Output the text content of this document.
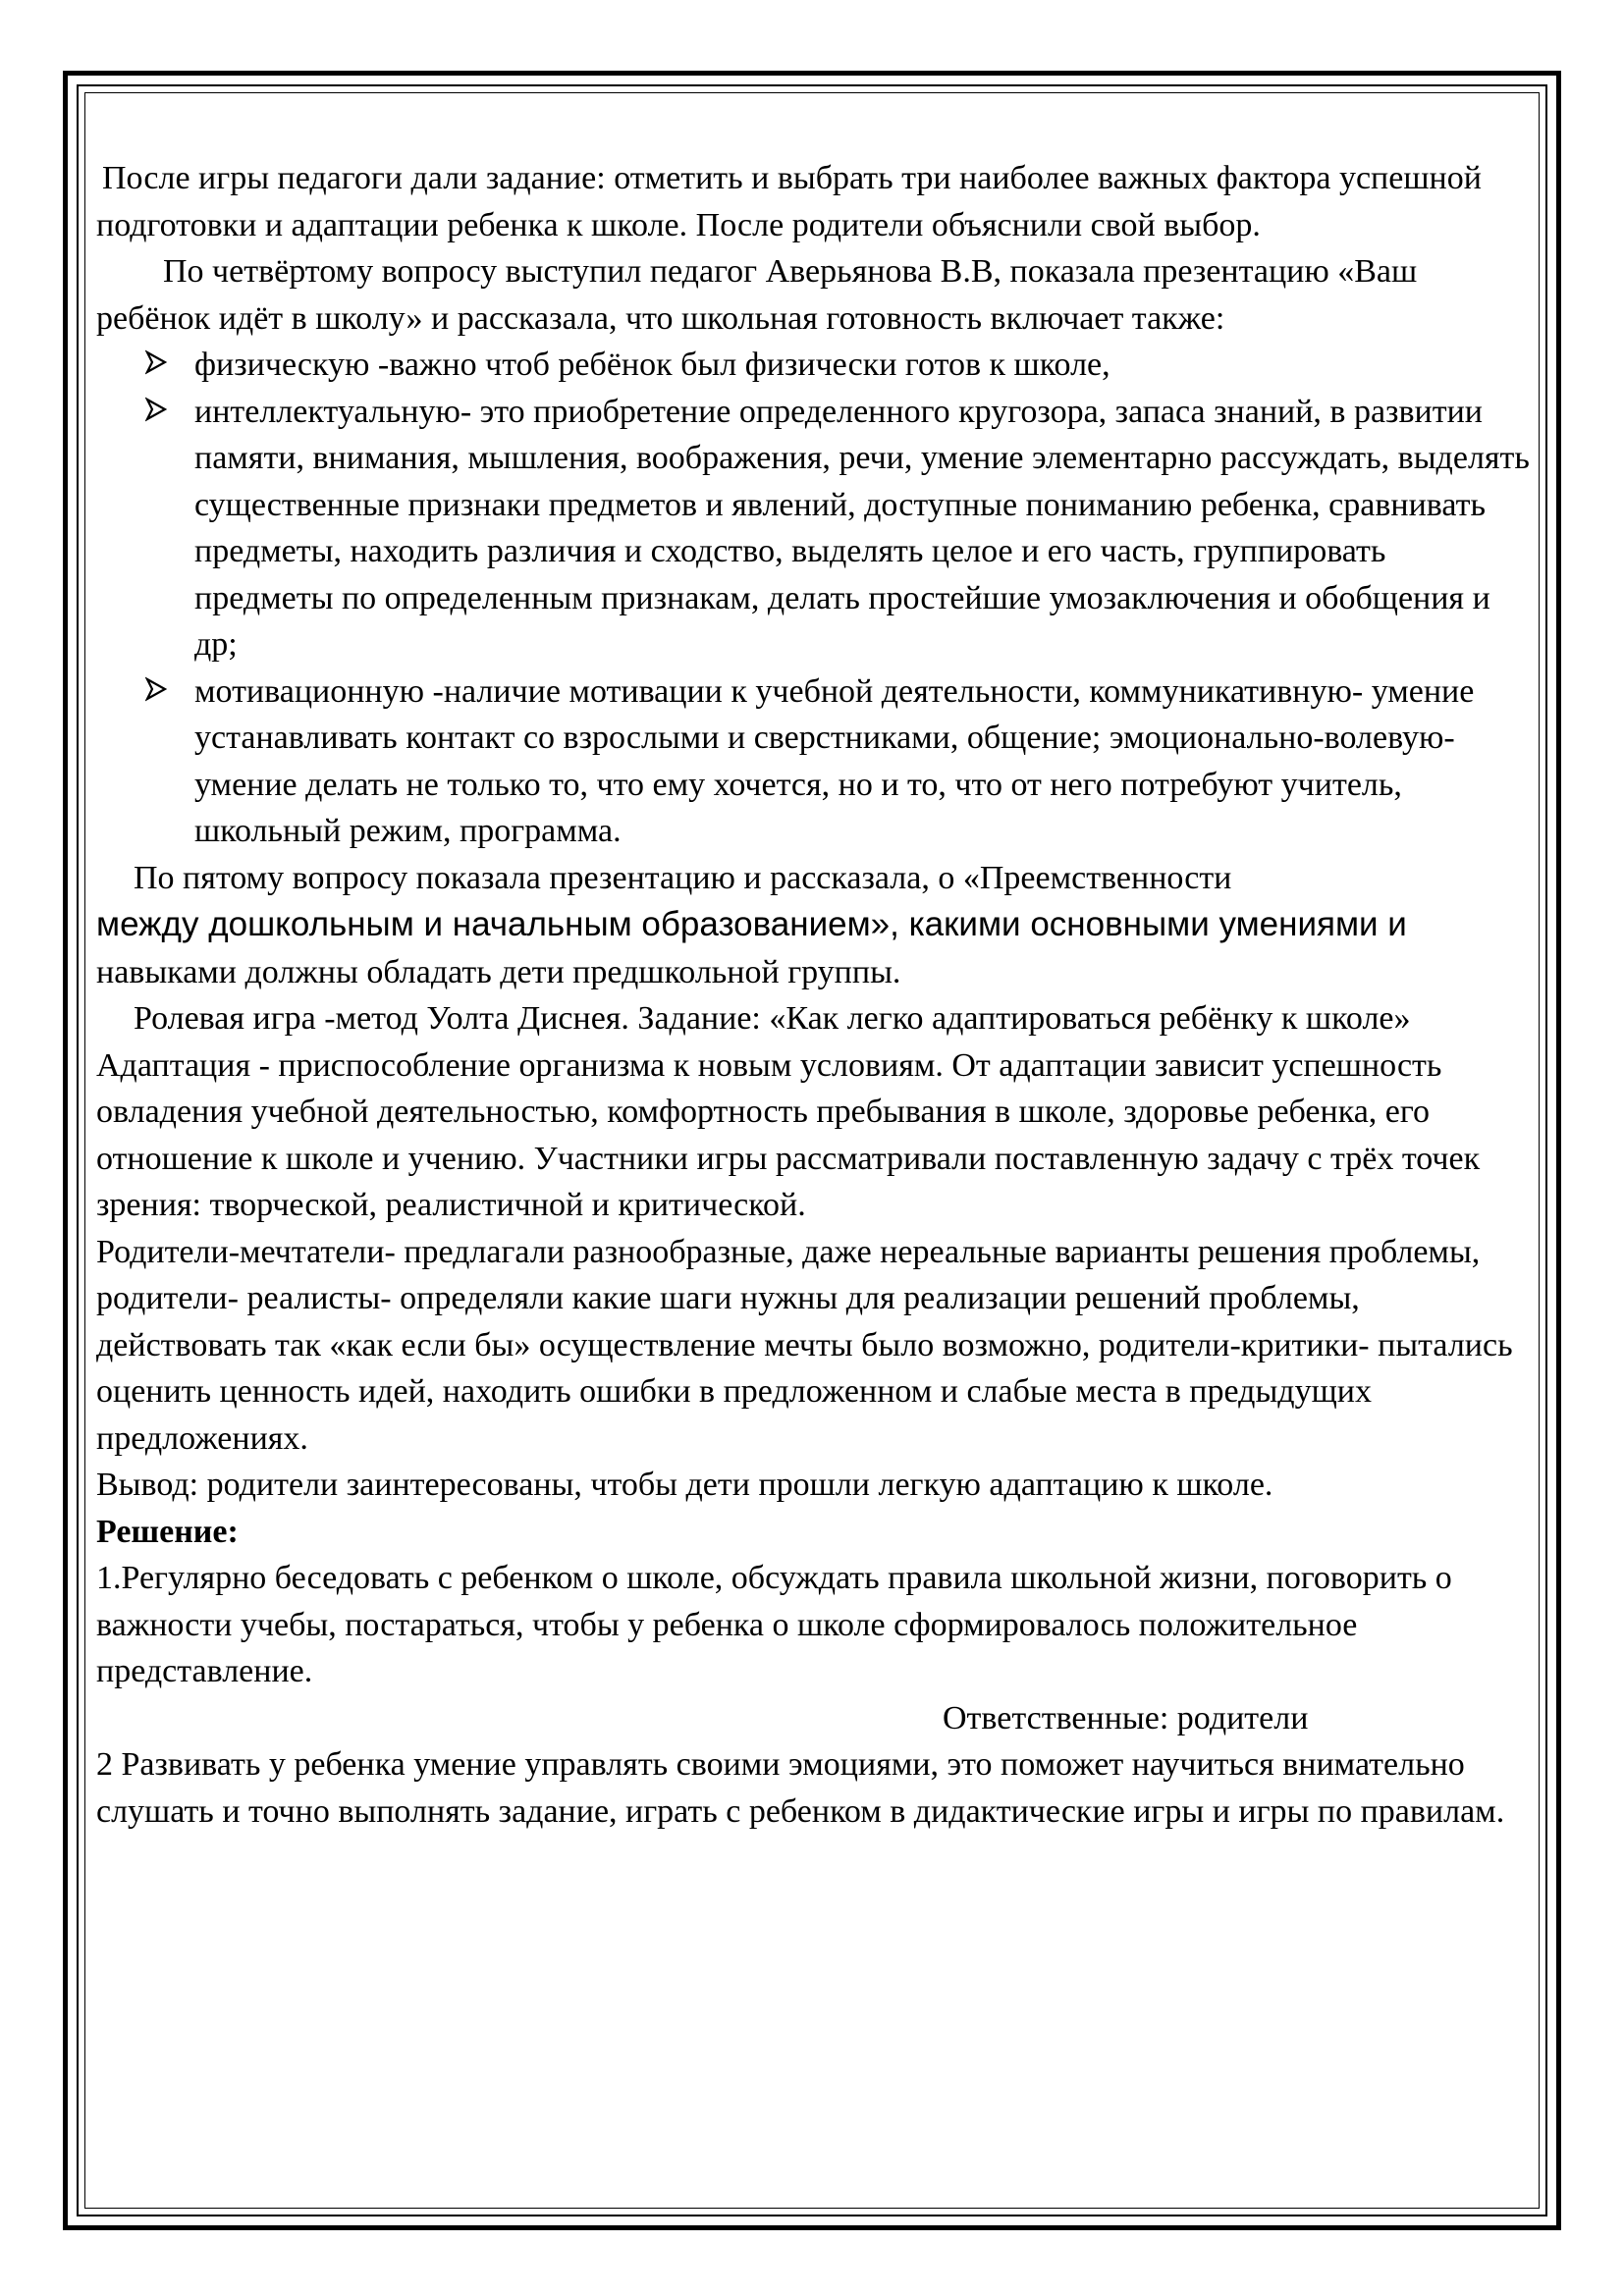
После игры педагоги дали задание: отметить и выбрать три наиболее важных фактора успешной подготовки и адаптации ребенка к школе. После родители объяснили свой выбор.

По четвёртому вопросу выступил педагог Аверьянова В.В, показала презентацию «Ваш ребёнок идёт в школу» и рассказала, что школьная готовность включает также:

физическую -важно чтоб ребёнок был физически готов к школе,
интеллектуальную- это приобретение определенного кругозора, запаса знаний, в развитии памяти, внимания, мышления, воображения, речи, умение элементарно рассуждать, выделять существенные признаки предметов и явлений, доступные пониманию ребенка, сравнивать предметы, находить различия и сходство, выделять целое и его часть, группировать предметы по определенным признакам, делать простейшие умозаключения и обобщения и др;
мотивационную -наличие мотивации к учебной деятельности, коммуникативную- умение устанавливать контакт со взрослыми и сверстниками, общение; эмоционально-волевую- умение делать не только то, что ему хочется, но и то, что от него потребуют учитель, школьный режим, программа.

По пятому вопросу показала презентацию и рассказала, о «Преемственности
между дошкольным и начальным образованием», какими основными умениями и навыками должны обладать дети предшкольной группы.

Ролевая игра -метод Уолта Диснея. Задание: «Как легко адаптироваться ребёнку к школе»

Адаптация - приспособление организма к новым условиям. От адаптации зависит успешность овладения учебной деятельностью, комфортность пребывания в школе, здоровье ребенка, его отношение к школе и учению. Участники игры рассматривали поставленную задачу с трёх точек зрения: творческой, реалистичной и критической.

Родители-мечтатели- предлагали разнообразные, даже нереальные варианты решения проблемы, родители- реалисты- определяли какие шаги нужны для реализации решений проблемы, действовать так «как если бы» осуществление мечты было возможно, родители-критики- пытались оценить ценность идей, находить ошибки в предложенном и слабые места в предыдущих предложениях.

Вывод: родители заинтересованы, чтобы дети прошли легкую адаптацию к школе.

Решение:

1.Регулярно беседовать с ребенком о школе, обсуждать правила школьной жизни, поговорить о важности учебы, постараться, чтобы у ребенка о школе сформировалось положительное представление.

Ответственные: родители

2 Развивать у ребенка умение управлять своими эмоциями, это поможет научиться внимательно слушать и точно выполнять задание, играть с ребенком в дидактические игры и игры по правилам.
